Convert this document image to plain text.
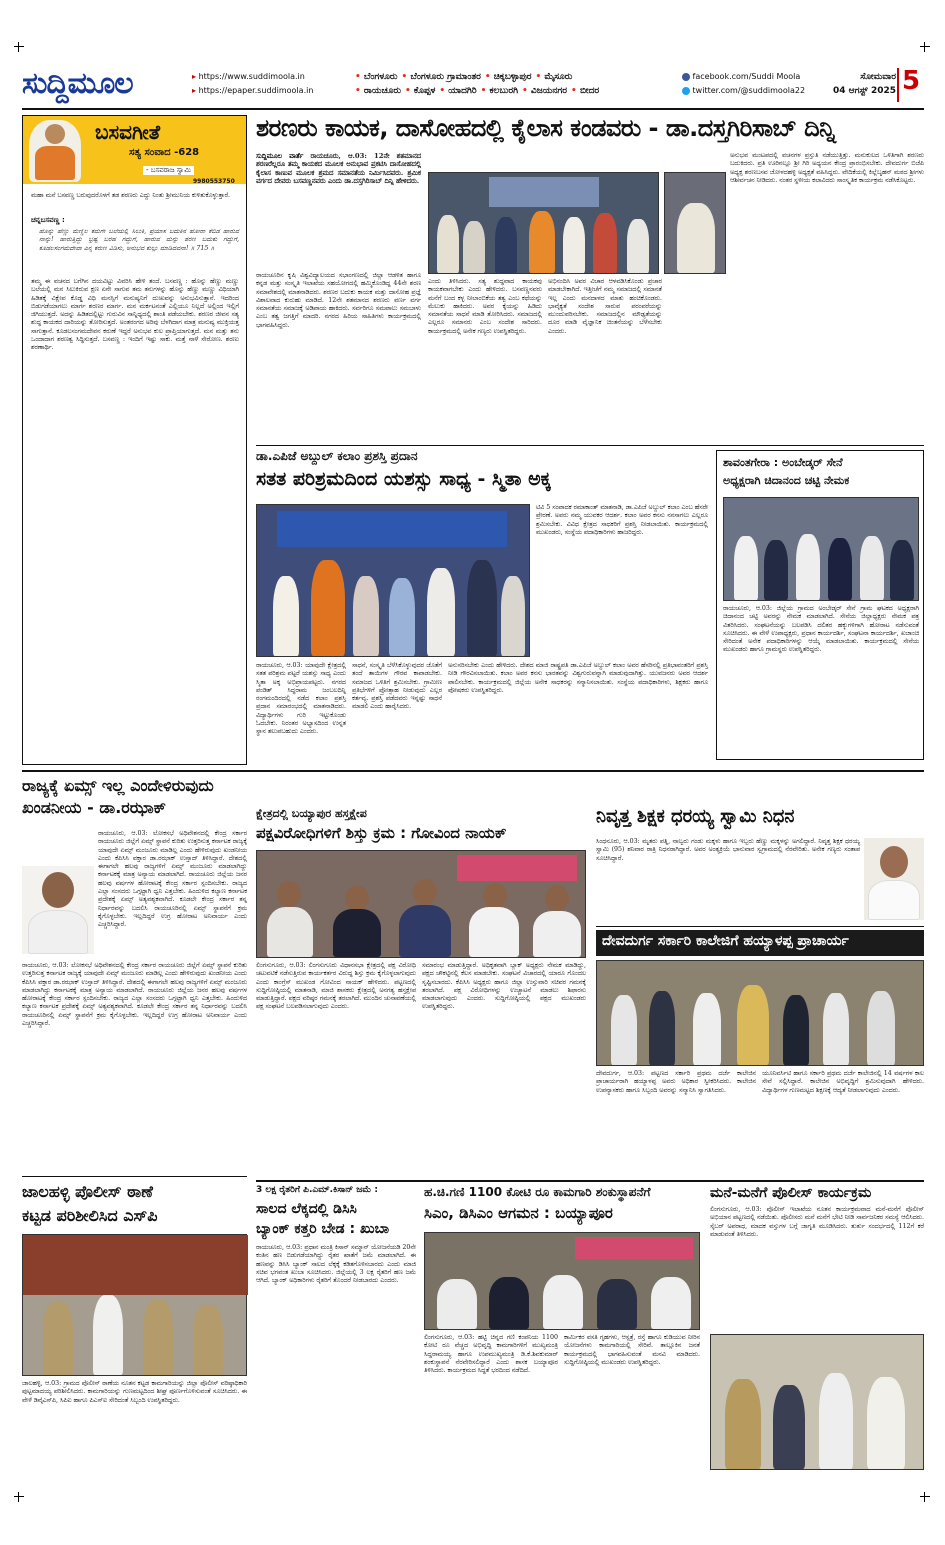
ಸುದ್ದಿಮೂಲ	▸ https://www.suddimoola.in
▸ https://epaper.suddimoola.in
• ಬೆಂಗಳೂರು • ಬೆಂಗಳೂರು ಗ್ರಾಮಾಂತರ • ಚಿಕ್ಕಬಳ್ಳಾಪುರ • ಮೈಸೂರು
• ರಾಯಚೂರು • ಕೊಪ್ಪಳ • ಯಾದಗಿರಿ • ಕಲಬುರಗಿ • ವಿಜಯನಗರ • ಬೀದರ
facebook.com/Suddi Moola
twitter.com/@suddimoola22
ಸೋಮವಾರ
04 ಆಗಸ್ಟ್ 2025 5
ಬಸವಗೀತೆ
ಸತ್ಯ ಸಂವಾದ -628
- ಬಸವರಾಜ ಸ್ವಾಮಿ
9980553750
ಮಹಾ ಮನೆ ಬಸವಣ್ಣ ಬರುವುದರೊಳಗೆ ತಡ ಶರಣರು ಎದ್ದು ನಿಂತು ಶ್ರೀಮುನಿಯ ಕುಳಿತುಕೊಳ್ಳುತ್ತಾರೆ.
ಚನ್ನಬಸವಣ್ಣ :
ಹೊನ್ನು ಹೆಣ್ಣು ಮಣ್ಣಿಲ ಕಮಗೇ ಬಲೆಯಲ್ಲಿ ಸಿಲುಕಿ, ಪ್ರಯಾಸ ಬದುಕಿನ ಹೋರಾ ಕೆಬಿಡ ಹಾರುವ ನಾನ್ನು! ಹಾರುತ್ತಿದ್ದು ಭ್ರಷ್ಟ ಬರಹ ಗದ್ದುಗೆ, ಹಾರುವ ಮನ್ನು ಶರಣ ಬದುಕು ಗದ್ದುಗೆ, ಕೂಡಲಸಂಗಮದೇವಾ ಎನ್ನ ಕರುಣ ವಿಡಿಸು, ಅನುಭವ ಕುಲ್ಲು ಮಾಡಿದವನಾ! ॥ 715 ॥
ತಮ್ಮ ಈ ವಚನದ ಬಗೆಗಿನ ದಯವಿಟ್ಟು ವಿವರಿಸಿ ಹೇಳಿ ತಂದೆ. ಬಸವಣ್ಣ : ಹೊನ್ನು ಹೆಣ್ಣು ಮಣ್ಣು ಬಲೆಯಲ್ಲಿ ಮನ ಸಿಲುಕಿರುವ ಕ್ಷಣ ಏನೇ ಸಾಗುವ ತಮ ತನುಗಳನ್ನು ಹೊನ್ನು ಹೆಣ್ಣು ಮಣ್ಣು ವಿಧಿಯಾಗಿ ಹಿಡಿತಕ್ಕೆ ವಿಕ್ಷೇಪ ಕೊಡ್ಡ ವಿಧಿ ಮನಸ್ಸಿಗೆ ಮನುಷ್ಯನಿಗೆ ದುಃಖವನ್ನು ಅನುಭವಿಸುತ್ತಾನೆ. ಇದರಿಂದ ಬಿಡುಗಡೆಯಾಗಲು ಮಾರ್ಗ ಶರಣರ ಮಾರ್ಗ. ಮನ ಮರ್ಕಟನಂತೆ ಎಲ್ಲಿಯೂ ನಿಲ್ಲದೆ ಅಲ್ಲಿಂದ ಇಲ್ಲಿಗೆ ಜಿಗಿಯುತ್ತದೆ. ಅದನ್ನು ಹಿಡಿತದಲ್ಲಿಟ್ಟು ಗುರುವಿನ ಸಾನ್ನಿಧ್ಯದಲ್ಲಿ ಶಾಂತಿ ಪಡೆಯಬೇಕು. ಶರಣರ ಜೀವನ ಸತ್ಯ ಶುದ್ಧ ಕಾಯಕದ ದಾರಿಯನ್ನು ತೋರಿಸುತ್ತದೆ. ಅಂತರಂಗದ ಅರಿವು ಬೆಳಗಿದಾಗ ಮಾತ್ರ ಮನುಷ್ಯ ಮುಕ್ತಿಯತ್ತ ಸಾಗುತ್ತಾನೆ. ಕೂಡಲಸಂಗಮದೇವನ ಕರುಣೆ ಇದ್ದರೆ ಅನುಭವ ಕುಲ ಪ್ರಾಪ್ತಿಯಾಗುತ್ತದೆ. ಮನ ಮತ್ತು ತನು ಒಂದಾದಾಗ ಶರಣತ್ವ ಸಿದ್ಧಿಸುತ್ತದೆ. ಬಸವಣ್ಣ : ಇಂದಿಗೆ ಇಷ್ಟು ಸಾಕು. ಮತ್ತೆ ನಾಳೆ ಸೇರೋಣ. ಶರಣು ಶರಣಾರ್ಥಿ.
ಶರಣರು ಕಾಯಕ, ದಾಸೋಹದಲ್ಲಿ ಕೈಲಾಸ ಕಂಡವರು - ಡಾ.ದಸ್ತಗಿರಿಸಾಬ್ ದಿನ್ನಿ
ಸುದ್ದಿಮೂಲ ವಾರ್ತೆ ರಾಯಚೂರು, ಆ.03: 12ನೇ ಶತಮಾನದ ಶರಣರೆಲ್ಲರೂ ತಮ್ಮ ಕಾಯಕದ ಮೂಲಕ ಅನುಭಾವ ಪ್ರಕಟಿಸಿ ದಾಸೋಹದಲ್ಲಿ ಕೈಲಾಸ ಕಾಣುವ ಮೂಲಕ ಶ್ರಮದ ಸಮಾನತೆಯ ನಿರ್ಮಿಸಿದವರು. ಶ್ರಮಿಕ ವರ್ಗದ ದೇವರು ಬಸವಣ್ಣನವರು ಎಂದು ಡಾ.ದಸ್ತಗಿರಿಸಾಬ್ ದಿನ್ನಿ ಹೇಳಿದರು.
ರಾಯಚೂರಿನ ಕೃಷಿ ವಿಶ್ವವಿದ್ಯಾಲಯದ ಸಭಾಂಗಣದಲ್ಲಿ ಜಿಲ್ಲಾ ಆಡಳಿತ ಹಾಗೂ ಕನ್ನಡ ಮತ್ತು ಸಂಸ್ಕೃತಿ ಇಲಾಖೆಯ ಸಹಯೋಗದಲ್ಲಿ ಹಮ್ಮಿಕೊಂಡಿದ್ದ 44ನೇ ಶರಣ ಸಮಾವೇಶದಲ್ಲಿ ಮಾತನಾಡಿದರು. ಶರಣರ ಬದುಕು ಕಾಯಕ ಮತ್ತು ದಾಸೋಹ ಪ್ರಜ್ಞೆ ವಿಶಾಲವಾದ ಕುರುಹು ಮಾಡಿದೆ. 12ನೇ ಶತಮಾನದ ಶರಣರು ವರ್ಣ ವರ್ಗ ಸಮಾನತೆಯ ಸಮಾಜಕ್ಕೆ ಅಡಿಪಾಯ ಹಾಕಿದರು. ಸರ್ವರಿಗೂ ಸಮಪಾಲು ಸಮಬಾಳು ಎಂಬ ತತ್ವ ಜಗತ್ತಿಗೆ ಮಾದರಿ. ನಗರದ ಹಿರಿಯ ಸಾಹಿತಿಗಳು ಕಾರ್ಯಕ್ರಮದಲ್ಲಿ ಭಾಗವಹಿಸಿದ್ದರು.
ಎಂದು ತಿಳಿಸಿದರು. ಸತ್ಯ ಶುದ್ಧವಾದ ಕಾಯಕವು ಕಾಯಕವಾಗಬೇಕು ಎಂದು ಹೇಳಿದರು. ಬಸವಣ್ಣನವರು ಮನೆಗೆ ಬಂದ ಕಳ್ಳ ನೀಲಾಂಬಿಕೆಯ ತತ್ವ ಎಂಬ ಕಥೆಯನ್ನು ಮೆಲುಕು ಹಾಕಿದರು. ಅವರ ಕೈಯನ್ನು ಹಿಡಿದು ಸಮಾನತೆಯ ಸಾಧನೆ ಮಾಡಿ ತೋರಿಸಿದರು. ಸಮಾಜದಲ್ಲಿ ಎಲ್ಲರೂ ಸಮಾನರು ಎಂಬ ಸಂದೇಶ ಸಾರಿದರು. ಕಾರ್ಯಕ್ರಮದಲ್ಲಿ ಅನೇಕ ಗಣ್ಯರು ಉಪಸ್ಥಿತರಿದ್ದರು.
ಅಭಿನಂದಿಸಿ ಅವರ ವಿಚಾರ ಆಳವಡಿಸಿಕೊಂಡು ಪ್ರಚಾರ ಮಾಡಬೇಕಾಗಿದೆ. ಇತ್ತೀಚೆಗೆ ನಮ್ಮ ಸಮಾಜದಲ್ಲಿ ಸಮಾನತೆ ಇಲ್ಲ ಎಂದು ಮನದಾಳದ ಮಾತು ಹಂಚಿಕೊಂಡರು. ಭಾವೈಕ್ಯತೆ ಸಂದೇಶ ಸಾರುವ ಪರಂಪರೆಯನ್ನು ಮುಂದುವರಿಸಬೇಕು. ಸಮಾಜದಲ್ಲಿನ ಮೌಢ್ಯತೆಯನ್ನು ದೂರ ಮಾಡಿ ವೈಜ್ಞಾನಿಕ ಚಿಂತನೆಯನ್ನು ಬೆಳೆಸಬೇಕು ಎಂದರು.
ಅನುಭವ ಮಂಟಪದಲ್ಲಿ ವಚನಗಳ ಪ್ರಸ್ತುತಿ ನಡೆಯುತ್ತಿತ್ತು. ಮನುಕುಲದ ಒಳಿತಿಗಾಗಿ ಶರಣರು ಬದುಕಿದರು. ಪ್ರತಿ ಊರಿನಲ್ಲೂ ಶ್ರೀ ಗಿರಿ ಅಧ್ಯಯನ ಕೇಂದ್ರ ಪ್ರಾರಂಭಿಸಬೇಕು. ದೇವದುರ್ಗ ಬಿಜೆಪಿ ಅಧ್ಯಕ್ಷ ಶರಣಬಸವ ಜೋಳದಹಳ್ಳಿ ಅಧ್ಯಕ್ಷತೆ ವಹಿಸಿದ್ದರು. ವೇದಿಕೆಯಲ್ಲಿ ಕಿಲ್ಲೆಬೃಹನ್ ಮಠದ ಶ್ರೀಗಳು ಆಶೀರ್ವಚನ ನೀಡಿದರು. ನಂತರ ಸ್ಥಳೀಯ ಕಲಾವಿದರು ಸಾಂಸ್ಕೃತಿಕ ಕಾರ್ಯಕ್ರಮ ನಡೆಸಿಕೊಟ್ಟರು.
ಡಾ.ಎಪಿಜೆ ಅಬ್ದುಲ್ ಕಲಾಂ ಪ್ರಶಸ್ತಿ ಪ್ರದಾನ
ಸತತ ಪರಿಶ್ರಮದಿಂದ ಯಶಸ್ಸು ಸಾಧ್ಯ - ಸ್ಮಿತಾ ಅಕ್ಕ
ಟಿವಿ 5 ಸಂಪಾದಕ ರಮಾಕಾಂತ್ ಮಾತನಾಡಿ, ಡಾ.ಎಪಿಜೆ ಅಬ್ದುಲ್ ಕಲಾಂ ಎಂಬ ಹೆಸರೇ ಪ್ರೇರಣೆ. ಅವರು ನಮ್ಮ ಯುವಕರ ಆದರ್ಶ. ಕಲಾಂ ಅವರ ಕನಸು ನನಸಾಗಲು ಎಲ್ಲರೂ ಶ್ರಮಿಸಬೇಕು. ವಿವಿಧ ಕ್ಷೇತ್ರದ ಸಾಧಕರಿಗೆ ಪ್ರಶಸ್ತಿ ನೀಡಲಾಯಿತು. ಕಾರ್ಯಕ್ರಮದಲ್ಲಿ ಮುಖಂಡರು, ಸಂಸ್ಥೆಯ ಪದಾಧಿಕಾರಿಗಳು ಹಾಜರಿದ್ದರು.
ರಾಯಚೂರು, ಆ.03: ಯಾವುದೇ ಕ್ಷೇತ್ರದಲ್ಲಿ ಸತತ ಪರಿಶ್ರಮ ಪಟ್ಟರೆ ಯಶಸ್ಸು ಸಾಧ್ಯ ಎಂದು ಸ್ಮಿತಾ ಅಕ್ಕ ಅಭಿಪ್ರಾಯಪಟ್ಟರು. ನಗರದ ಪಂಡಿತ್ ಸಿದ್ಧರಾಮ ಜಂಬಲದಿನ್ನಿ ರಂಗಮಂದಿರದಲ್ಲಿ ನಡೆದ ಕಲಾಂ ಪ್ರಶಸ್ತಿ ಪ್ರದಾನ ಸಮಾರಂಭದಲ್ಲಿ ಮಾತನಾಡಿದರು. ವಿದ್ಯಾರ್ಥಿಗಳು ಗುರಿ ಇಟ್ಟುಕೊಂಡು ಓದಬೇಕು. ನಿರಂತರ ಅಭ್ಯಾಸದಿಂದ ಉನ್ನತ ಸ್ಥಾನ ತಲುಪಬಹುದು ಎಂದರು.
ಸಾಧನೆ, ಸಂಸ್ಕೃತಿ ಬೆಳೆಸಿಕೊಳ್ಳುವುದರ ಜೊತೆಗೆ ತಂದೆ ತಾಯಿಗಳ ಗೌರವ ಕಾಪಾಡಬೇಕು. ಸಮಾಜದ ಒಳಿತಿಗೆ ಶ್ರಮಿಸಬೇಕು. ಗ್ರಾಮೀಣ ಪ್ರತಿಭೆಗಳಿಗೆ ಪ್ರೋತ್ಸಾಹ ನೀಡುವುದು ಎಲ್ಲರ ಕರ್ತವ್ಯ. ಪ್ರಶಸ್ತಿ ಪಡೆದವರು ಇನ್ನಷ್ಟು ಸಾಧನೆ ಮಾಡಲಿ ಎಂದು ಹಾರೈಸಿದರು.
ಅನುಸರಿಸಬೇಕು ಎಂದು ಹೇಳಿದರು. ದೇಶದ ಮಾಜಿ ರಾಷ್ಟ್ರಪತಿ ಡಾ.ಎಪಿಜೆ ಅಬ್ದುಲ್ ಕಲಾಂ ಅವರ ಹೆಸರಿನಲ್ಲಿ ಪ್ರತಿಭಾವಂತರಿಗೆ ಪ್ರಶಸ್ತಿ ನೀಡಿ ಗೌರವಿಸಲಾಯಿತು. ಕಲಾಂ ಅವರ ಕನಸು ಭಾರತವನ್ನು ವಿಶ್ವಗುರುವನ್ನಾಗಿ ಮಾಡುವುದಾಗಿತ್ತು. ಯುವಜನರು ಅವರ ಆದರ್ಶ ಪಾಲಿಸಬೇಕು. ಕಾರ್ಯಕ್ರಮದಲ್ಲಿ ಜಿಲ್ಲೆಯ ಅನೇಕ ಸಾಧಕರನ್ನು ಸನ್ಮಾನಿಸಲಾಯಿತು. ಸಂಸ್ಥೆಯ ಪದಾಧಿಕಾರಿಗಳು, ಶಿಕ್ಷಕರು ಹಾಗೂ ಪೋಷಕರು ಉಪಸ್ಥಿತರಿದ್ದರು.
ಶಾವಂತಗೇರಾ : ಅಂಬೇಡ್ಕರ್ ಸೇನೆ
ಅಧ್ಯಕ್ಷರಾಗಿ ಚಿದಾನಂದ ಚಟ್ಟಿ ನೇಮಕ
ರಾಯಚೂರು, ಆ.03: ಜಿಲ್ಲೆಯ ಗ್ರಾಮದ ಅಂಬೇಡ್ಕರ್ ಸೇನೆ ಗ್ರಾಮ ಘಟಕದ ಅಧ್ಯಕ್ಷರಾಗಿ ಚಿದಾನಂದ ಚಟ್ಟಿ ಅವರನ್ನು ನೇಮಕ ಮಾಡಲಾಗಿದೆ. ಸೇನೆಯ ಜಿಲ್ಲಾಧ್ಯಕ್ಷರು ನೇಮಕ ಪತ್ರ ವಿತರಿಸಿದರು. ಸಂಘಟನೆಯನ್ನು ಬಲಪಡಿಸಿ ದಲಿತರ ಹಕ್ಕುಗಳಿಗಾಗಿ ಹೋರಾಟ ನಡೆಸುವಂತೆ ಸೂಚಿಸಿದರು. ಈ ವೇಳೆ ಉಪಾಧ್ಯಕ್ಷರು, ಪ್ರಧಾನ ಕಾರ್ಯದರ್ಶಿ, ಸಂಘಟನಾ ಕಾರ್ಯದರ್ಶಿ, ಖಜಾಂಚಿ ಸೇರಿದಂತೆ ಅನೇಕ ಪದಾಧಿಕಾರಿಗಳನ್ನು ಆಯ್ಕೆ ಮಾಡಲಾಯಿತು. ಕಾರ್ಯಕ್ರಮದಲ್ಲಿ ಸೇನೆಯ ಮುಖಂಡರು ಹಾಗೂ ಗ್ರಾಮಸ್ಥರು ಉಪಸ್ಥಿತರಿದ್ದರು.
ರಾಜ್ಯಕ್ಕೆ ಏಮ್ಸ್ ಇಲ್ಲ ಎಂದೇಳಿರುವುದು
ಖಂಡನೀಯ - ಡಾ.ರಝಾಕ್
ರಾಯಚೂರು, ಆ.03: ಲೋಕಸಭೆ ಅಧಿವೇಶನದಲ್ಲಿ ಕೇಂದ್ರ ಸರ್ಕಾರ ರಾಯಚೂರು ಜಿಲ್ಲೆಗೆ ಏಮ್ಸ್ ಸ್ಥಾಪನೆ ಕುರಿತು ಉತ್ತರಿಸುತ್ತ ಕರ್ನಾಟಕ ರಾಜ್ಯಕ್ಕೆ ಯಾವುದೇ ಏಮ್ಸ್ ಮಂಜೂರು ಮಾಡಿಲ್ಲ ಎಂದು ಹೇಳಿರುವುದು ಖಂಡನೀಯ ಎಂದು ಕೆಪಿಸಿಸಿ ವಕ್ತಾರ ಡಾ.ರಝಾಕ್ ಉಸ್ತಾದ್ ತಿಳಿಸಿದ್ದಾರೆ. ದೇಶದಲ್ಲಿ ಈಗಾಗಲೇ ಹಲವು ರಾಜ್ಯಗಳಿಗೆ ಏಮ್ಸ್ ಮಂಜೂರು ಮಾಡಲಾಗಿದ್ದು ಕರ್ನಾಟಕಕ್ಕೆ ಮಾತ್ರ ಅನ್ಯಾಯ ಮಾಡಲಾಗಿದೆ. ರಾಯಚೂರು ಜಿಲ್ಲೆಯ ಜನರ ಹಲವು ವರ್ಷಗಳ ಹೋರಾಟಕ್ಕೆ ಕೇಂದ್ರ ಸರ್ಕಾರ ಸ್ಪಂದಿಸಬೇಕು. ರಾಜ್ಯದ ಎಲ್ಲಾ ಸಂಸದರು ಒಗ್ಗಟ್ಟಾಗಿ ಧ್ವನಿ ಎತ್ತಬೇಕು. ಹಿಂದುಳಿದ ಕಲ್ಯಾಣ ಕರ್ನಾಟಕ ಪ್ರದೇಶಕ್ಕೆ ಏಮ್ಸ್ ಅತ್ಯವಶ್ಯಕವಾಗಿದೆ. ಕೂಡಲೇ ಕೇಂದ್ರ ಸರ್ಕಾರ ತನ್ನ ನಿರ್ಧಾರವನ್ನು ಬದಲಿಸಿ ರಾಯಚೂರಿನಲ್ಲಿ ಏಮ್ಸ್ ಸ್ಥಾಪನೆಗೆ ಕ್ರಮ ಕೈಗೊಳ್ಳಬೇಕು. ಇಲ್ಲದಿದ್ದರೆ ಉಗ್ರ ಹೋರಾಟ ಅನಿವಾರ್ಯ ಎಂದು ಎಚ್ಚರಿಸಿದ್ದಾರೆ.
ರಾಯಚೂರು, ಆ.03: ಲೋಕಸಭೆ ಅಧಿವೇಶನದಲ್ಲಿ ಕೇಂದ್ರ ಸರ್ಕಾರ ರಾಯಚೂರು ಜಿಲ್ಲೆಗೆ ಏಮ್ಸ್ ಸ್ಥಾಪನೆ ಕುರಿತು ಉತ್ತರಿಸುತ್ತ ಕರ್ನಾಟಕ ರಾಜ್ಯಕ್ಕೆ ಯಾವುದೇ ಏಮ್ಸ್ ಮಂಜೂರು ಮಾಡಿಲ್ಲ ಎಂದು ಹೇಳಿರುವುದು ಖಂಡನೀಯ ಎಂದು ಕೆಪಿಸಿಸಿ ವಕ್ತಾರ ಡಾ.ರಝಾಕ್ ಉಸ್ತಾದ್ ತಿಳಿಸಿದ್ದಾರೆ. ದೇಶದಲ್ಲಿ ಈಗಾಗಲೇ ಹಲವು ರಾಜ್ಯಗಳಿಗೆ ಏಮ್ಸ್ ಮಂಜೂರು ಮಾಡಲಾಗಿದ್ದು ಕರ್ನಾಟಕಕ್ಕೆ ಮಾತ್ರ ಅನ್ಯಾಯ ಮಾಡಲಾಗಿದೆ. ರಾಯಚೂರು ಜಿಲ್ಲೆಯ ಜನರ ಹಲವು ವರ್ಷಗಳ ಹೋರಾಟಕ್ಕೆ ಕೇಂದ್ರ ಸರ್ಕಾರ ಸ್ಪಂದಿಸಬೇಕು. ರಾಜ್ಯದ ಎಲ್ಲಾ ಸಂಸದರು ಒಗ್ಗಟ್ಟಾಗಿ ಧ್ವನಿ ಎತ್ತಬೇಕು. ಹಿಂದುಳಿದ ಕಲ್ಯಾಣ ಕರ್ನಾಟಕ ಪ್ರದೇಶಕ್ಕೆ ಏಮ್ಸ್ ಅತ್ಯವಶ್ಯಕವಾಗಿದೆ. ಕೂಡಲೇ ಕೇಂದ್ರ ಸರ್ಕಾರ ತನ್ನ ನಿರ್ಧಾರವನ್ನು ಬದಲಿಸಿ ರಾಯಚೂರಿನಲ್ಲಿ ಏಮ್ಸ್ ಸ್ಥಾಪನೆಗೆ ಕ್ರಮ ಕೈಗೊಳ್ಳಬೇಕು. ಇಲ್ಲದಿದ್ದರೆ ಉಗ್ರ ಹೋರಾಟ ಅನಿವಾರ್ಯ ಎಂದು ಎಚ್ಚರಿಸಿದ್ದಾರೆ.
ಕ್ಷೇತ್ರದಲ್ಲಿ ಬಯ್ಯಾಪುರ ಹಸ್ತಕ್ಷೇಪ
ಪಕ್ಷವಿರೋಧಿಗಳಿಗೆ ಶಿಸ್ತು ಕ್ರಮ : ಗೋವಿಂದ ನಾಯಕ್
ಲಿಂಗಸುಗೂರು, ಆ.03: ಲಿಂಗಸುಗೂರು ವಿಧಾನಸಭಾ ಕ್ಷೇತ್ರದಲ್ಲಿ ಪಕ್ಷ ವಿರೋಧಿ ಚಟುವಟಿಕೆ ನಡೆಸುತ್ತಿರುವ ಕಾರ್ಯಕರ್ತರ ವಿರುದ್ಧ ಶಿಸ್ತು ಕ್ರಮ ಕೈಗೊಳ್ಳಲಾಗುವುದು ಎಂದು ಕಾಂಗ್ರೆಸ್ ಮುಖಂಡ ಗೋವಿಂದ ನಾಯಕ್ ಹೇಳಿದರು. ಪಟ್ಟಣದಲ್ಲಿ ಸುದ್ದಿಗೋಷ್ಠಿಯಲ್ಲಿ ಮಾತನಾಡಿ, ಮಾಜಿ ಶಾಸಕರು ಕ್ಷೇತ್ರದಲ್ಲಿ ಅನಗತ್ಯ ಹಸ್ತಕ್ಷೇಪ ಮಾಡುತ್ತಿದ್ದಾರೆ. ಪಕ್ಷದ ವರಿಷ್ಠರ ಗಮನಕ್ಕೆ ತರಲಾಗಿದೆ. ಮುಂದಿನ ಚುನಾವಣೆಯಲ್ಲಿ ಪಕ್ಷ ಸಂಘಟನೆ ಬಲಪಡಿಸಲಾಗುವುದು ಎಂದರು.
ಸಮಾರಂಭ ಮಾಡುತ್ತಿದ್ದಾರೆ. ಅಧಿಕೃತವಾಗಿ ಬ್ಲಾಕ್ ಅಧ್ಯಕ್ಷರು ನೇಮಕ ಮಾಡಿದ್ದು, ಪಕ್ಷದ ಚೌಕಟ್ಟಿನಲ್ಲಿ ಕೆಲಸ ಮಾಡಬೇಕು. ಸಂಘಟನೆ ವಿಚಾರದಲ್ಲಿ ಯಾರೂ ಗೊಂದಲ ಸೃಷ್ಟಿಸಬಾರದು. ಕೆಪಿಸಿಸಿ ಅಧ್ಯಕ್ಷರು ಹಾಗೂ ಜಿಲ್ಲಾ ಉಸ್ತುವಾರಿ ಸಚಿವರ ಗಮನಕ್ಕೆ ತರಲಾಗಿದೆ. ಪಕ್ಷ ವಿರೋಧಿಗಳನ್ನು ಉಚ್ಚಾಟನೆ ಮಾಡಲು ಶಿಫಾರಸು ಮಾಡಲಾಗುವುದು ಎಂದರು. ಸುದ್ದಿಗೋಷ್ಠಿಯಲ್ಲಿ ಪಕ್ಷದ ಮುಖಂಡರು ಉಪಸ್ಥಿತರಿದ್ದರು.
ನಿವೃತ್ತ ಶಿಕ್ಷಕ ಧರಯ್ಯ ಸ್ವಾಮಿ ನಿಧನ
ಸಿಂಧನೂರು, ಆ.03: ಮೃತರು ಪತ್ನಿ, ನಾಲ್ವರು ಗಂಡು ಮಕ್ಕಳು ಹಾಗೂ ಇಬ್ಬರು ಹೆಣ್ಣು ಮಕ್ಕಳನ್ನು ಅಗಲಿದ್ದಾರೆ. ನಿವೃತ್ತ ಶಿಕ್ಷಕ ಧರಯ್ಯ ಸ್ವಾಮಿ (95) ಶನಿವಾರ ರಾತ್ರಿ ನಿಧನರಾಗಿದ್ದಾರೆ. ಅವರ ಅಂತ್ಯಕ್ರಿಯೆ ಭಾನುವಾರ ಸ್ವಗ್ರಾಮದಲ್ಲಿ ನೆರವೇರಿತು. ಅನೇಕ ಗಣ್ಯರು ಸಂತಾಪ ಸೂಚಿಸಿದ್ದಾರೆ.
ದೇವದುರ್ಗ ಸರ್ಕಾರಿ ಕಾಲೇಜಿಗೆ ಹಯ್ಯಾಳಪ್ಪ ಪ್ರಾಚಾರ್ಯ
ದೇವದುರ್ಗ, ಆ.03: ಪಟ್ಟಣದ ಸರ್ಕಾರಿ ಪ್ರಥಮ ದರ್ಜೆ ಕಾಲೇಜಿನ ಪ್ರಾಚಾರ್ಯರಾಗಿ ಹಯ್ಯಾಳಪ್ಪ ಅವರು ಅಧಿಕಾರ ಸ್ವೀಕರಿಸಿದರು. ಕಾಲೇಜಿನ ಉಪನ್ಯಾಸಕರು ಹಾಗೂ ಸಿಬ್ಬಂದಿ ಅವರನ್ನು ಸನ್ಮಾನಿಸಿ ಸ್ವಾಗತಿಸಿದರು.
ಯೂನಿವರ್ಸಿಟಿ ಹಾಗೂ ಸರ್ಕಾರಿ ಪ್ರಥಮ ದರ್ಜೆ ಕಾಲೇಜಿನಲ್ಲಿ 14 ವರ್ಷಗಳ ಕಾಲ ಸೇವೆ ಸಲ್ಲಿಸಿದ್ದಾರೆ. ಕಾಲೇಜಿನ ಅಭಿವೃದ್ಧಿಗೆ ಶ್ರಮಿಸುವುದಾಗಿ ಹೇಳಿದರು. ವಿದ್ಯಾರ್ಥಿಗಳ ಗುಣಮಟ್ಟದ ಶಿಕ್ಷಣಕ್ಕೆ ಆದ್ಯತೆ ನೀಡಲಾಗುವುದು ಎಂದರು.
ಜಾಲಹಳ್ಳಿ ಪೊಲೀಸ್ ಠಾಣೆ
ಕಟ್ಟಡ ಪರಿಶೀಲಿಸಿದ ಎಸ್‌ಪಿ
ಜಾಲಹಳ್ಳಿ, ಆ.03: ಗ್ರಾಮದ ಪೊಲೀಸ್ ಠಾಣೆಯ ನೂತನ ಕಟ್ಟಡ ಕಾಮಗಾರಿಯನ್ನು ಜಿಲ್ಲಾ ಪೊಲೀಸ್ ವರಿಷ್ಠಾಧಿಕಾರಿ ಪುಟ್ಟಮಾದಯ್ಯ ಪರಿಶೀಲಿಸಿದರು. ಕಾಮಗಾರಿಯನ್ನು ಗುಣಮಟ್ಟದಿಂದ ಶೀಘ್ರ ಪೂರ್ಣಗೊಳಿಸುವಂತೆ ಸೂಚಿಸಿದರು. ಈ ವೇಳೆ ಡಿವೈಎಸ್‌ಪಿ, ಸಿಪಿಐ ಹಾಗೂ ಪಿಎಸ್‌ಐ ಸೇರಿದಂತೆ ಸಿಬ್ಬಂದಿ ಉಪಸ್ಥಿತರಿದ್ದರು.
3 ಲಕ್ಷ ರೈತರಿಗೆ ಪಿ.ಎಮ್.ಕಿಸಾನ್ ಜಮೆ :
ಸಾಲದ ಲೆಕ್ಕದಲ್ಲಿ ಡಿಸಿಸಿ
ಬ್ಯಾಂಕ್ ಕತ್ತರಿ ಬೇಡ : ಖುಬಾ
ರಾಯಚೂರು, ಆ.03: ಪ್ರಧಾನ ಮಂತ್ರಿ ಕಿಸಾನ್ ಸಮ್ಮಾನ್ ಯೋಜನೆಯಡಿ 20ನೇ ಕಂತಿನ ಹಣ ಬಿಡುಗಡೆಯಾಗಿದ್ದು ರೈತರ ಖಾತೆಗೆ ಜಮೆ ಮಾಡಲಾಗಿದೆ. ಈ ಹಣವನ್ನು ಡಿಸಿಸಿ ಬ್ಯಾಂಕ್ ಸಾಲದ ಲೆಕ್ಕಕ್ಕೆ ಕಡಿತಗೊಳಿಸಬಾರದು ಎಂದು ಮಾಜಿ ಸಚಿವ ಭಗವಂತ ಖುಬಾ ಸೂಚಿಸಿದರು. ಜಿಲ್ಲೆಯಲ್ಲಿ 3 ಲಕ್ಷ ರೈತರಿಗೆ ಹಣ ಜಮೆ ಆಗಿದೆ. ಬ್ಯಾಂಕ್ ಅಧಿಕಾರಿಗಳು ರೈತರಿಗೆ ತೊಂದರೆ ನೀಡಬಾರದು ಎಂದರು.
ಹ.ಚಿ.ಗಣಿ 1100 ಕೋಟಿ ರೂ ಕಾಮಗಾರಿ ಶಂಕುಸ್ಥಾಪನೆಗೆ
ಸಿಎಂ, ಡಿಸಿಎಂ ಆಗಮನ : ಬಯ್ಯಾಪೂರ
ಲಿಂಗಸುಗೂರು, ಆ.03: ಹಟ್ಟಿ ಚಿನ್ನದ ಗಣಿ ಕಂಪನಿಯ 1100 ಕೋಟಿ ರೂ ವೆಚ್ಚದ ಅಭಿವೃದ್ಧಿ ಕಾಮಗಾರಿಗಳಿಗೆ ಮುಖ್ಯಮಂತ್ರಿ ಸಿದ್ದರಾಮಯ್ಯ ಹಾಗೂ ಉಪಮುಖ್ಯಮಂತ್ರಿ ಡಿ.ಕೆ.ಶಿವಕುಮಾರ್ ಶಂಕುಸ್ಥಾಪನೆ ನೆರವೇರಿಸಲಿದ್ದಾರೆ ಎಂದು ಶಾಸಕ ಬಯ್ಯಾಪೂರ ತಿಳಿಸಿದರು. ಕಾರ್ಯಕ್ರಮದ ಸಿದ್ಧತೆ ಭರದಿಂದ ನಡೆದಿದೆ.
ಕಾರ್ಮಿಕರ ವಸತಿ ಗೃಹಗಳು, ಆಸ್ಪತ್ರೆ, ರಸ್ತೆ ಹಾಗೂ ಕುಡಿಯುವ ನೀರಿನ ಯೋಜನೆಗಳು ಕಾಮಗಾರಿಯಲ್ಲಿ ಸೇರಿವೆ. ತಾಲ್ಲೂಕಿನ ಜನತೆ ಕಾರ್ಯಕ್ರಮದಲ್ಲಿ ಭಾಗವಹಿಸುವಂತೆ ಮನವಿ ಮಾಡಿದರು. ಸುದ್ದಿಗೋಷ್ಠಿಯಲ್ಲಿ ಮುಖಂಡರು ಉಪಸ್ಥಿತರಿದ್ದರು.
ಮನೆ-ಮನೆಗೆ ಪೊಲೀಸ್ ಕಾರ್ಯಕ್ರಮ
ಲಿಂಗಸುಗೂರು, ಆ.03: ಪೊಲೀಸ್ ಇಲಾಖೆಯ ನೂತನ ಕಾರ್ಯಕ್ರಮವಾದ ಮನೆ-ಮನೆಗೆ ಪೊಲೀಸ್ ಅಭಿಯಾನ ಪಟ್ಟಣದಲ್ಲಿ ನಡೆಯಿತು. ಪೊಲೀಸರು ಮನೆ ಮನೆಗೆ ಭೇಟಿ ನೀಡಿ ಸಾರ್ವಜನಿಕರ ಸಮಸ್ಯೆ ಆಲಿಸಿದರು. ಸೈಬರ್ ಅಪರಾಧ, ಮಾದಕ ವಸ್ತುಗಳ ಬಗ್ಗೆ ಜಾಗೃತಿ ಮೂಡಿಸಿದರು. ತುರ್ತು ಸಂದರ್ಭದಲ್ಲಿ 112ಗೆ ಕರೆ ಮಾಡುವಂತೆ ತಿಳಿಸಿದರು.
